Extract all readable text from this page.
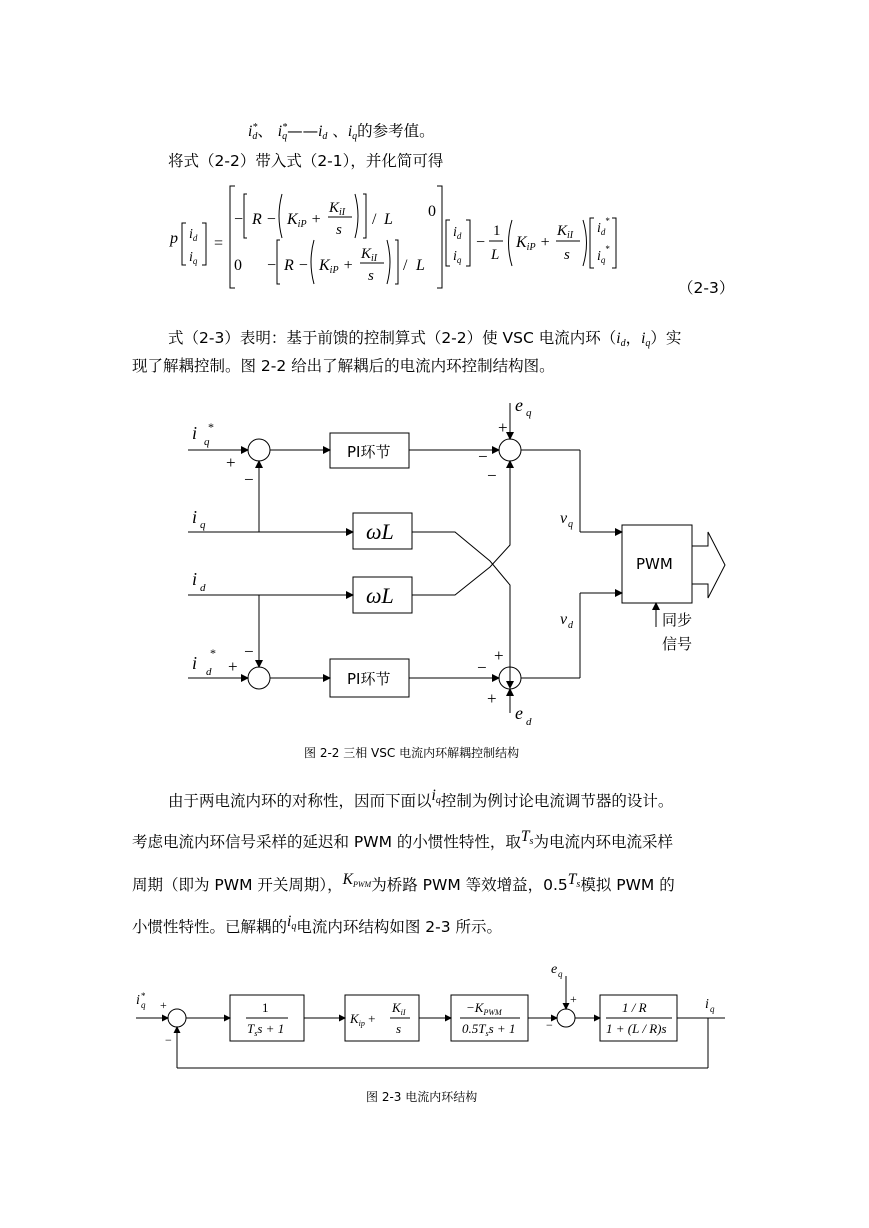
$i_d^*$、 $i_q^*——i_d$ 、$i_q$的参考值。
将式（2-2）带入式（2-1），并化简可得
p $i_d$
$i_q$
=
− R − KiP +
$K_{iI}$
s
/ L 0
0 − R − KiP +
$K_{iI}$
s
/ L
$i_d$
$i_q$
−
1
L
KiP +
$K_{iI}$
s
$i_d^*$
$i_q^*$
（2-3）
式（2-3）表明：基于前馈的控制算式（2-2）使 VSC 电流内环（$i_d$，$i_q$）实
现了解耦控制。图 2-2 给出了解耦后的电流内环控制结构图。
i q
*
i q
i d
i d
*
e q
e d
v q
v d
+
−
+
−
−
−
+	−
+
+
PI环节
PI环节
ωL
ωL
PWM
同步
信号
图 2-2 三相 VSC 电流内环解耦控制结构
由于两电流内环的对称性，因而下面以$i_q$控制为例讨论电流调节器的设计。
考虑电流内环信号采样的延迟和 PWM 的小惯性特性，取$T_s$为电流内环电流采样
周期（即为 PWM 开关周期），$K_{PWM}$为桥路 PWM 等效增益，$0.5T_s$模拟 PWM 的
小惯性特性。已解耦的$i_q$电流内环结构如图 2-3 所示。
i q
*
i q
e q
+
−
+
−
1
$T_ss + 1$
$K_{ip}$ +
$K_{iI}$
s
$-K_{PWM}$
$0.5T_ss + 1$
1 / R
1 + (L / R)s
图 2-3 电流内环结构
